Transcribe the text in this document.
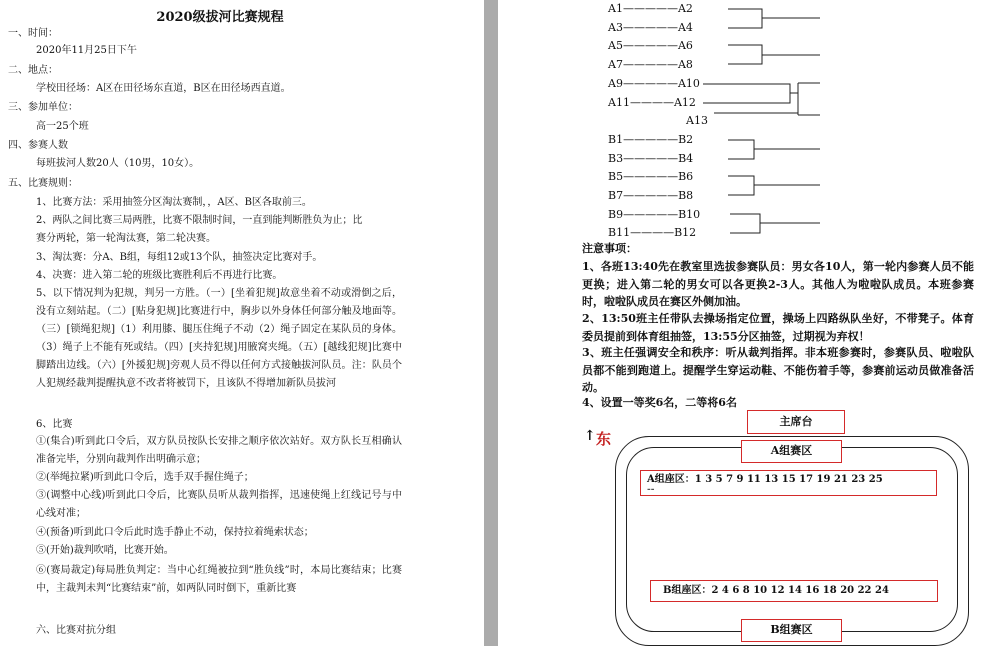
2020级拔河比赛规程
一、时间：
2020年11月25日下午
二、地点：
学校田径场：A区在田径场东直道，B区在田径场西直道。
三、参加单位：
高一25个班
四、参赛人数
每班拔河人数20人（10男，10女）。
五、比赛规则：
1、比赛方法：采用抽签分区淘汰赛制，，A区、B区各取前三。
2、两队之间比赛三局两胜，比赛不限制时间，一直到能判断胜负为止；比
赛分两轮，第一轮淘汰赛，第二轮决赛。
3、淘汰赛：分A、B组，每组12或13个队，抽签决定比赛对手。
4、决赛：进入第二轮的班级比赛胜利后不再进行比赛。
5、以下情况判为犯规，判另一方胜。（一）[坐着犯规]故意坐着不动或滑倒之后，没有立刻站起。（二）[贴身犯规]比赛进行中，胸步以外身体任何部分触及地面等。（三）[锁绳犯规]（1）利用膝、腿压住绳子不动（2）绳子固定在某队员的身体。（3）绳子上不能有死或结。（四）[夹持犯规]用腋窝夹绳。（五）[越线犯规]比赛中脚踏出边线。（六）[外援犯规]旁观人员不得以任何方式接触拔河队员。注：队员个人犯规经裁判提醒执意不改者将被罚下，且该队不得增加新队员拔河
6、比赛
①(集合)听到此口令后，双方队员按队长安排之顺序依次站好。双方队长互相确认准备完毕，分别向裁判作出明确示意；
②(举绳拉紧)听到此口令后，选手双手握住绳子；
③(调整中心线)听到此口令后，比赛队员听从裁判指挥，迅速使绳上红线记号与中心线对准；
④(预备)听到此口令后此时选手静止不动，保持拉着绳索状态；
⑤(开始)裁判吹哨，比赛开始。
⑥(赛局裁定)每局胜负判定：当中心红绳被拉到“胜负线”时，本局比赛结束；比赛中，主裁判未判“比赛结束”前，如两队同时倒下，重新比赛
六、比赛对抗分组
A1—————A2
A3—————A4
A5—————A6
A7—————A8
A9—————A10
A11————A12
A13
B1—————B2
B3—————B4
B5—————B6
B7—————B8
B9—————B10
B11————B12
注意事项：
1、各班13:40先在教室里选拔参赛队员：男女各10人，第一轮内参赛人员不能更换；进入第二轮的男女可以各更换2-3人。其他人为啦啦队成员。本班参赛时，啦啦队成员在赛区外侧加油。
2、13:50班主任带队去操场指定位置，操场上四路纵队坐好，不带凳子。体育委员提前到体育组抽签，13:55分区抽签，过期视为弃权！
3、班主任强调安全和秩序：听从裁判指挥。非本班参赛时，参赛队员、啦啦队员都不能到跑道上。提醒学生穿运动鞋、不能伤着手等，参赛前运动员做准备活动。
4、设置一等奖6名，二等将6名
↑ 东
主席台
A组赛区
A组座区：1 3 5 7 9 11 13 15 17 19 21 23 25
--
B组座区：2 4 6 8 10 12 14 16 18 20 22 24
B组赛区
